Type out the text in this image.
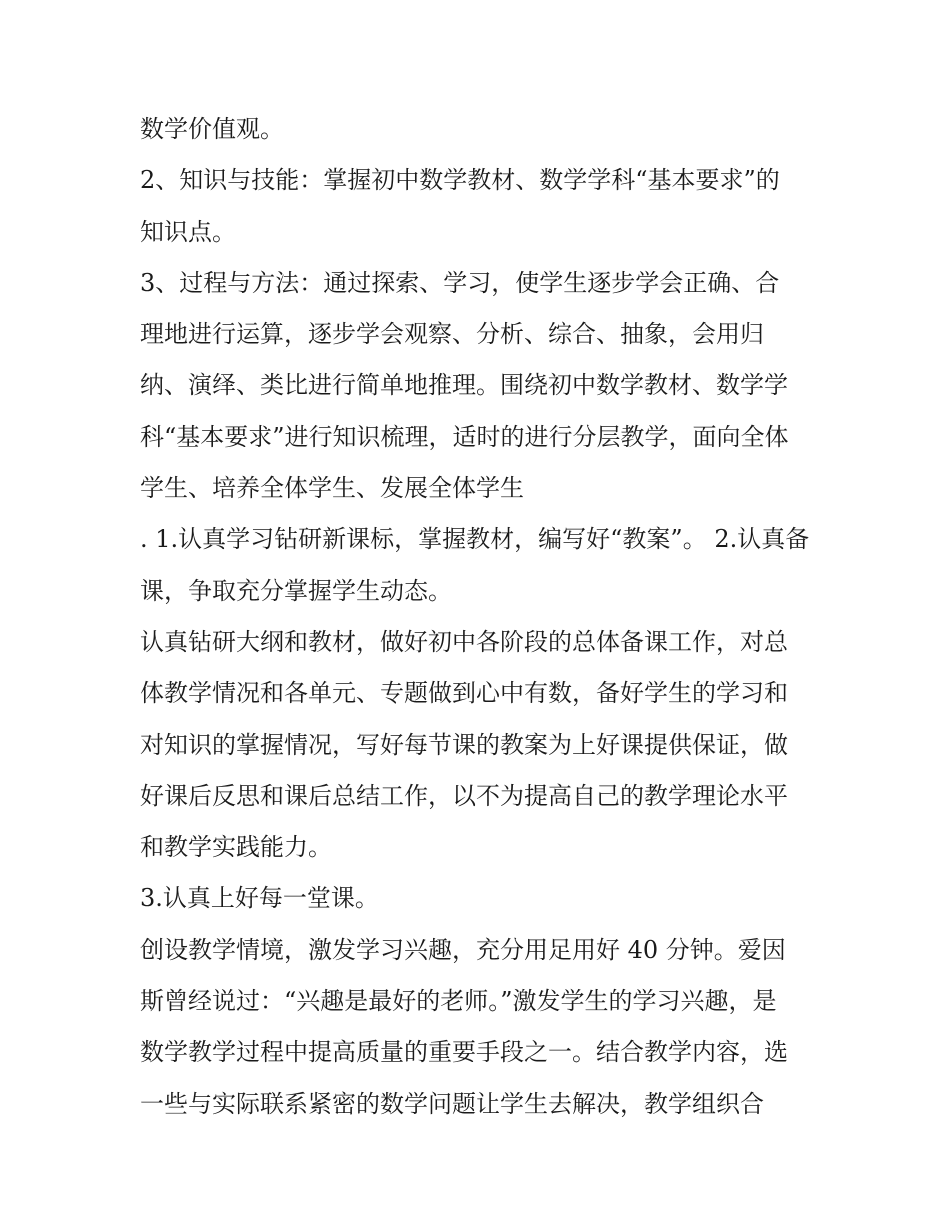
数学价值观。
2、知识与技能：掌握初中数学教材、数学学科“基本要求”的
知识点。
3、过程与方法：通过探索、学习，使学生逐步学会正确、合
理地进行运算，逐步学会观察、分析、综合、抽象，会用归
纳、演绎、类比进行简单地推理。围绕初中数学教材、数学学
科“基本要求”进行知识梳理，适时的进行分层教学，面向全体
学生、培养全体学生、发展全体学生
. 1.认真学习钻研新课标，掌握教材，编写好“教案”。 2.认真备
课，争取充分掌握学生动态。
认真钻研大纲和教材，做好初中各阶段的总体备课工作，对总
体教学情况和各单元、专题做到心中有数，备好学生的学习和
对知识的掌握情况，写好每节课的教案为上好课提供保证，做
好课后反思和课后总结工作，以不为提高自己的教学理论水平
和教学实践能力。
3.认真上好每一堂课。
创设教学情境，激发学习兴趣，充分用足用好 40 分钟。爱因
斯曾经说过：“兴趣是最好的老师。”激发学生的学习兴趣，是
数学教学过程中提高质量的重要手段之一。结合教学内容，选
一些与实际联系紧密的数学问题让学生去解决，教学组织合
